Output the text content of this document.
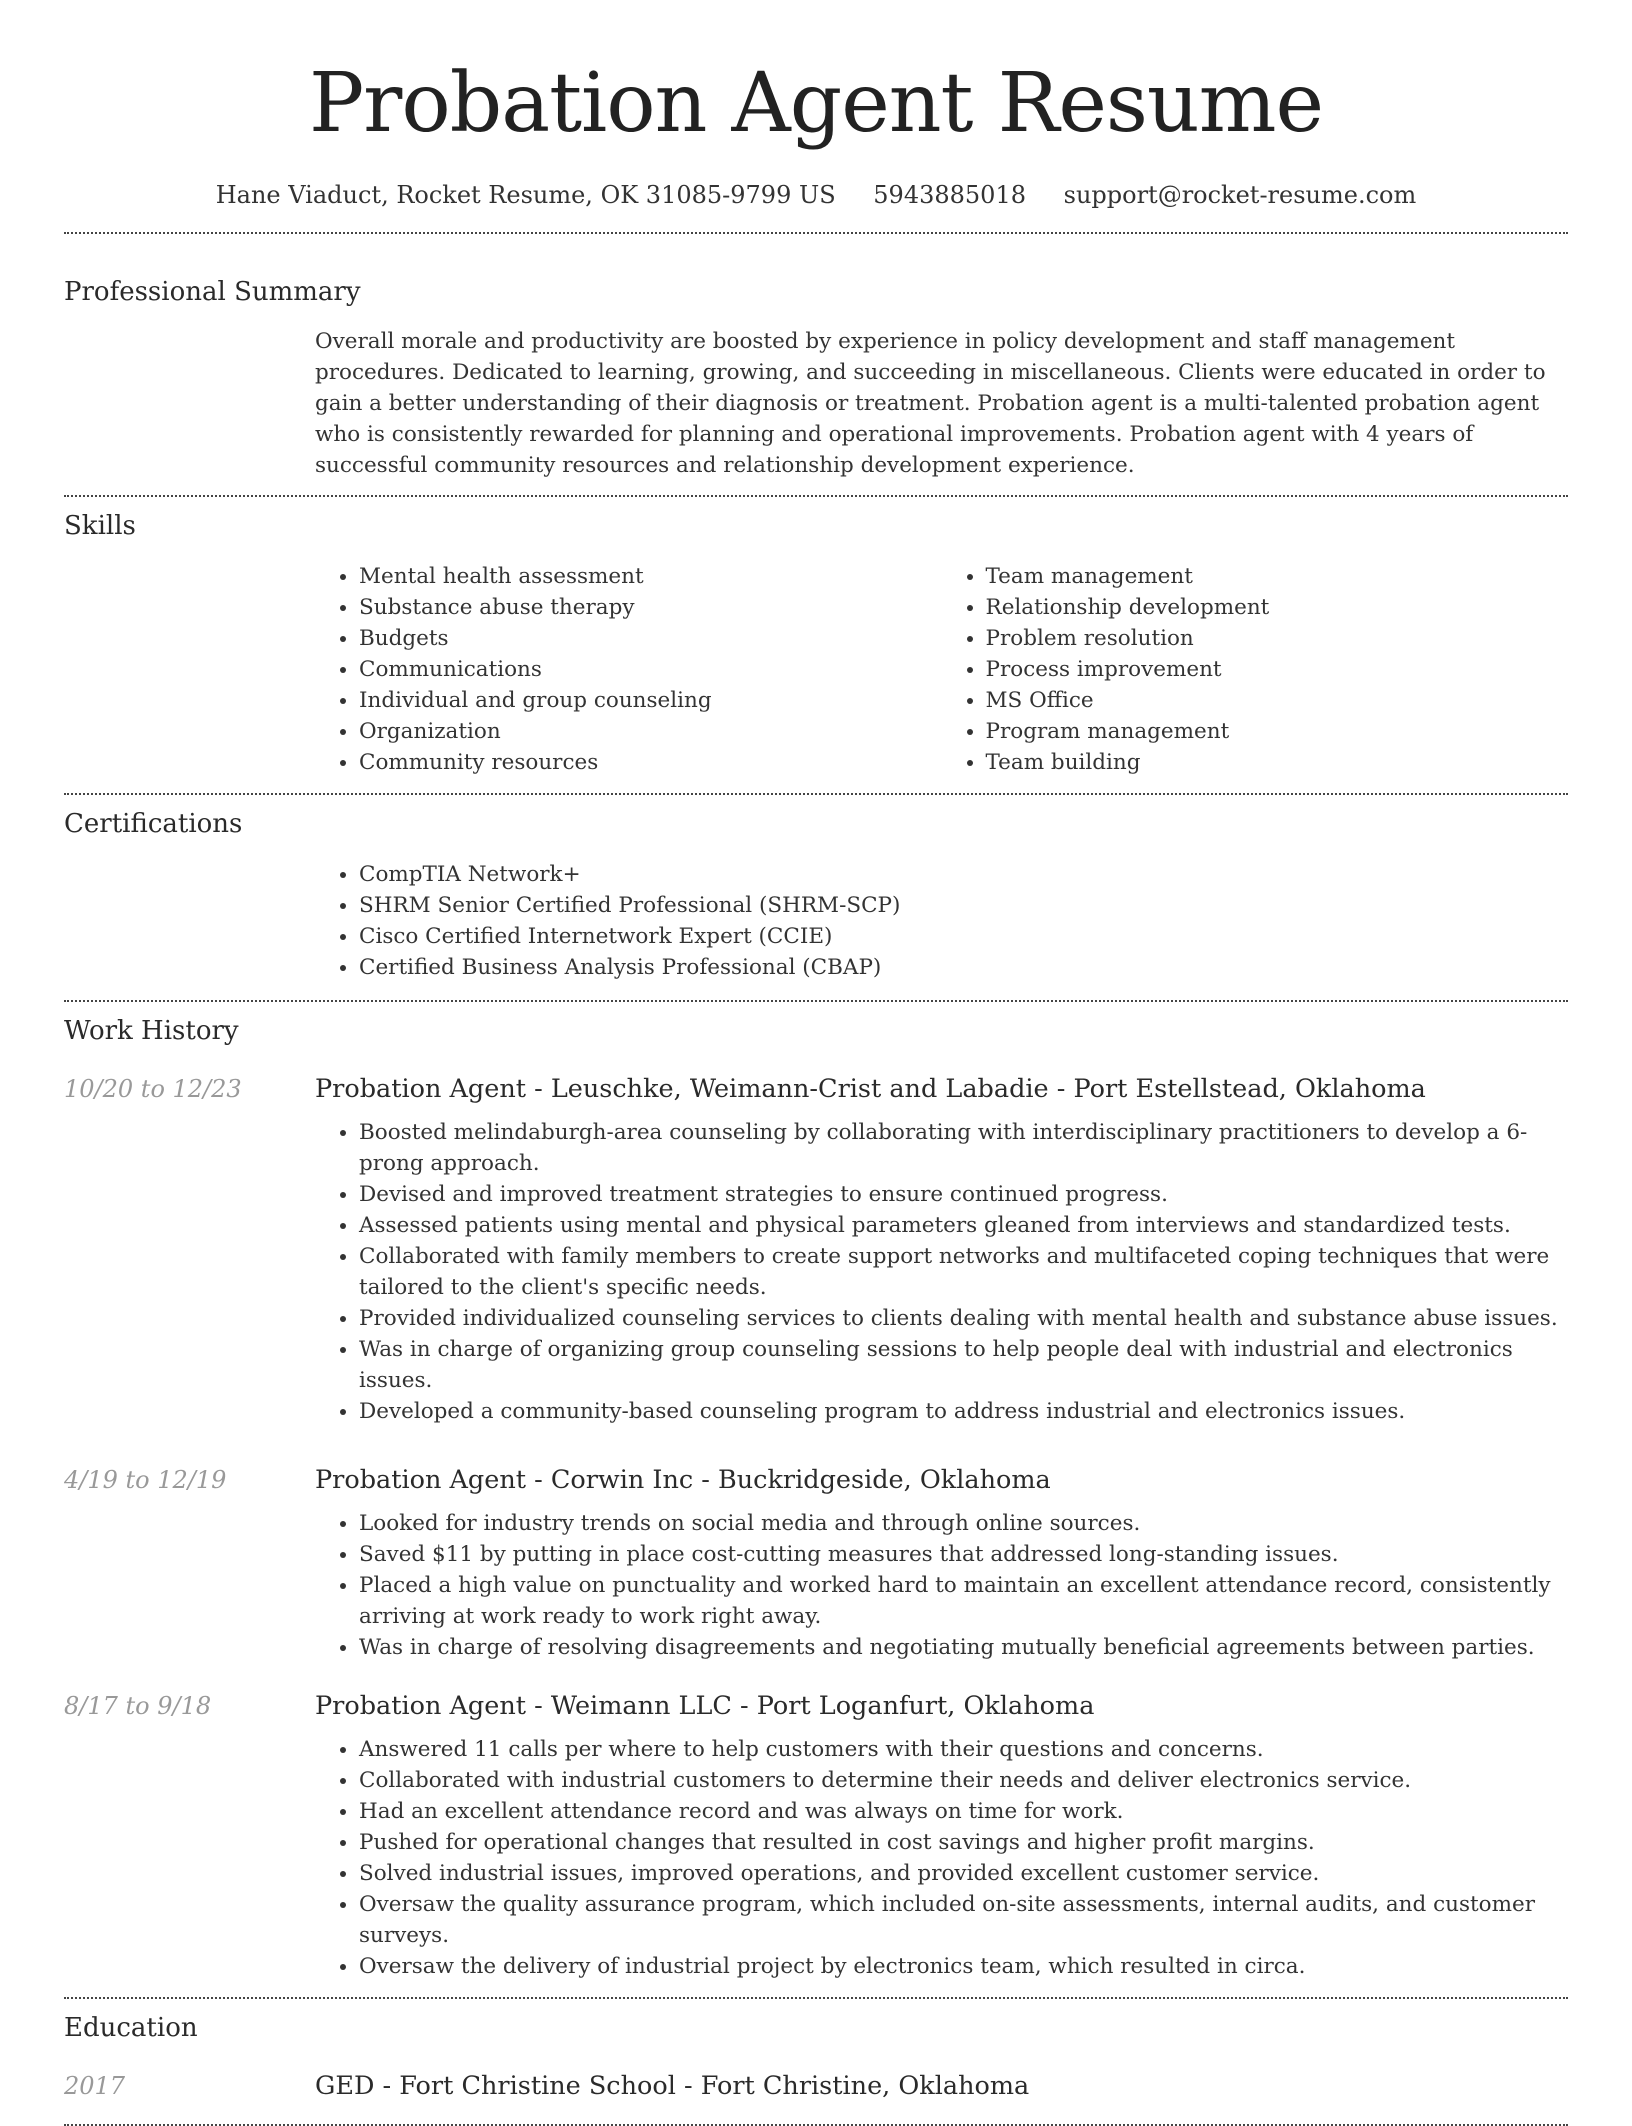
Probation Agent Resume
Hane Viaduct, Rocket Resume, OK 31085-9799 US 5943885018 support@rocket-resume.com
Professional Summary

Overall morale and productivity are boosted by experience in policy development and staff management procedures. Dedicated to learning, growing, and succeeding in miscellaneous. Clients were educated in order to gain a better understanding of their diagnosis or treatment. Probation agent is a multi-talented probation agent who is consistently rewarded for planning and operational improvements. Probation agent with 4 years of successful community resources and relationship development experience.

Skills
• Mental health assessment
• Substance abuse therapy
• Budgets
• Communications
• Individual and group counseling
• Organization
• Community resources
• Team management
• Relationship development
• Problem resolution
• Process improvement
• MS Office
• Program management
• Team building
Certifications
• CompTIA Network+
• SHRM Senior Certified Professional (SHRM-SCP)
• Cisco Certified Internetwork Expert (CCIE)
• Certified Business Analysis Professional (CBAP)
Work History
10/20 to 12/23	Probation Agent - Leuschke, Weimann-Crist and Labadie - Port Estellstead, Oklahoma
• Boosted melindaburgh-area counseling by collaborating with interdisciplinary practitioners to develop a 6-prong approach.
• Devised and improved treatment strategies to ensure continued progress.
• Assessed patients using mental and physical parameters gleaned from interviews and standardized tests.
• Collaborated with family members to create support networks and multifaceted coping techniques that were tailored to the client's specific needs.
• Provided individualized counseling services to clients dealing with mental health and substance abuse issues.
• Was in charge of organizing group counseling sessions to help people deal with industrial and electronics issues.
• Developed a community-based counseling program to address industrial and electronics issues.
4/19 to 12/19	Probation Agent - Corwin Inc - Buckridgeside, Oklahoma
• Looked for industry trends on social media and through online sources.
• Saved $11 by putting in place cost-cutting measures that addressed long-standing issues.
• Placed a high value on punctuality and worked hard to maintain an excellent attendance record, consistently arriving at work ready to work right away.
• Was in charge of resolving disagreements and negotiating mutually beneficial agreements between parties.
8/17 to 9/18	Probation Agent - Weimann LLC - Port Loganfurt, Oklahoma
• Answered 11 calls per where to help customers with their questions and concerns.
• Collaborated with industrial customers to determine their needs and deliver electronics service.
• Had an excellent attendance record and was always on time for work.
• Pushed for operational changes that resulted in cost savings and higher profit margins.
• Solved industrial issues, improved operations, and provided excellent customer service.
• Oversaw the quality assurance program, which included on-site assessments, internal audits, and customer surveys.
• Oversaw the delivery of industrial project by electronics team, which resulted in circa.
Education
2017	GED - Fort Christine School - Fort Christine, Oklahoma
